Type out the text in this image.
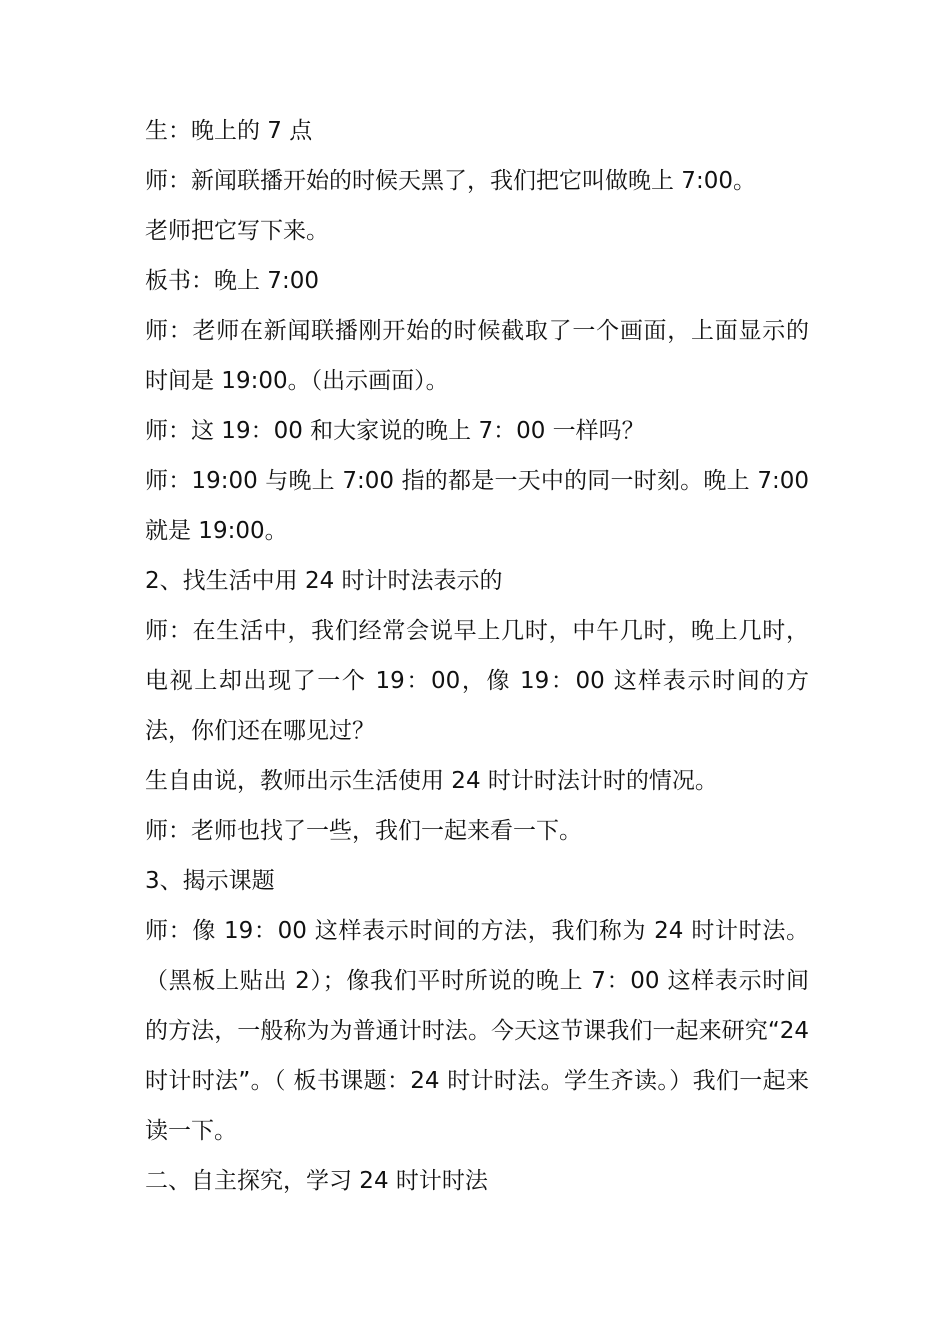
生：晚上的 7 点

师：新闻联播开始的时候天黑了，我们把它叫做晚上 7:00。

老师把它写下来。

板书：晚上 7:00

师：老师在新闻联播刚开始的时候截取了一个画面，上面显示的时间是 19:00。（出示画面）。

师：这 19：00 和大家说的晚上 7：00 一样吗？

师：19:00 与晚上 7:00 指的都是一天中的同一时刻。晚上 7:00 就是 19:00。

2、找生活中用 24 时计时法表示的

师：在生活中，我们经常会说早上几时，中午几时，晚上几时，电视上却出现了一个 19：00，像 19：00 这样表示时间的方法，你们还在哪见过？

生自由说，教师出示生活使用 24 时计时法计时的情况。

师：老师也找了一些，我们一起来看一下。

3、揭示课题

师：像 19：00 这样表示时间的方法，我们称为 24 时计时法。（黑板上贴出 2）；像我们平时所说的晚上 7：00 这样表示时间的方法，一般称为为普通计时法。今天这节课我们一起来研究“24 时计时法”。（ 板书课题：24 时计时法。学生齐读。）我们一起来读一下。

二、自主探究，学习 24 时计时法
